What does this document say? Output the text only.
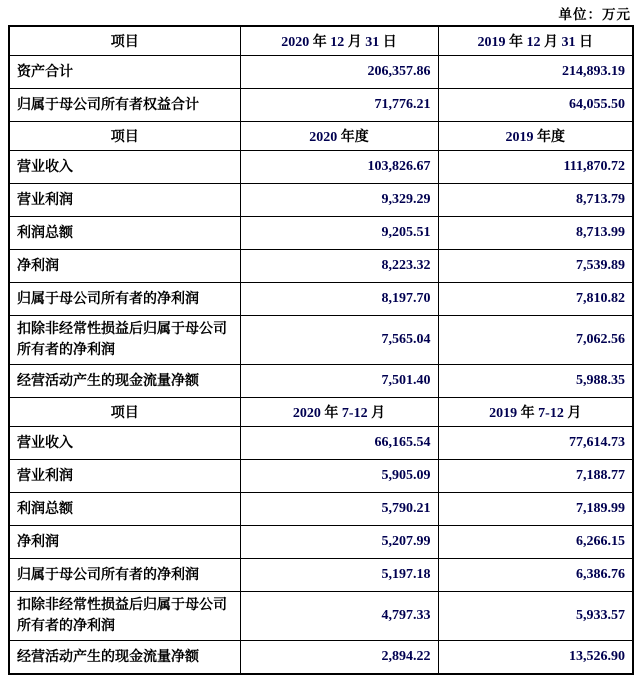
单位：万元
项目	2020 年 12 月 31 日	2019 年 12 月 31 日
资产合计	206,357.86	214,893.19
归属于母公司所有者权益合计	71,776.21	64,055.50
项目	2020 年度	2019 年度
营业收入	103,826.67	111,870.72
营业利润	9,329.29	8,713.79
利润总额	9,205.51	8,713.99
净利润	8,223.32	7,539.89
归属于母公司所有者的净利润	8,197.70	7,810.82
扣除非经常性损益后归属于母公司所有者的净利润	7,565.04	7,062.56
经营活动产生的现金流量净额	7,501.40	5,988.35
项目	2020 年 7-12 月	2019 年 7-12 月
营业收入	66,165.54	77,614.73
营业利润	5,905.09	7,188.77
利润总额	5,790.21	7,189.99
净利润	5,207.99	6,266.15
归属于母公司所有者的净利润	5,197.18	6,386.76
扣除非经常性损益后归属于母公司所有者的净利润	4,797.33	5,933.57
经营活动产生的现金流量净额	2,894.22	13,526.90
